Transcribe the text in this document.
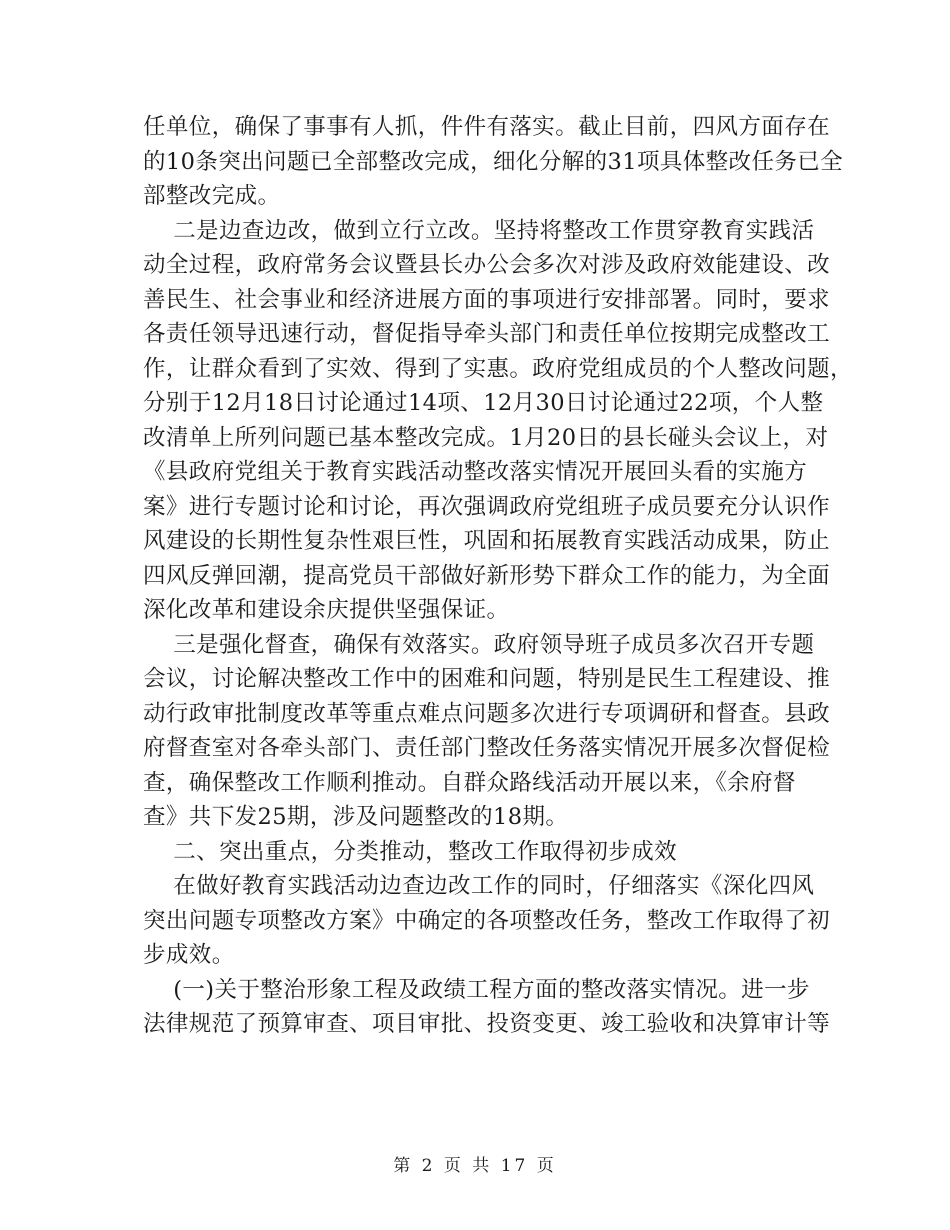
任单位，确保了事事有人抓，件件有落实。截止目前，四风方面存在
的10条突出问题已全部整改完成，细化分解的31项具体整改任务已全
部整改完成。
二是边查边改，做到立行立改。坚持将整改工作贯穿教育实践活
动全过程，政府常务会议暨县长办公会多次对涉及政府效能建设、改
善民生、社会事业和经济进展方面的事项进行安排部署。同时，要求
各责任领导迅速行动，督促指导牵头部门和责任单位按期完成整改工
作，让群众看到了实效、得到了实惠。政府党组成员的个人整改问题，
分别于12月18日讨论通过14项、12月30日讨论通过22项，个人整
改清单上所列问题已基本整改完成。1月20日的县长碰头会议上，对
《县政府党组关于教育实践活动整改落实情况开展回头看的实施方
案》进行专题讨论和讨论，再次强调政府党组班子成员要充分认识作
风建设的长期性复杂性艰巨性，巩固和拓展教育实践活动成果，防止
四风反弹回潮，提高党员干部做好新形势下群众工作的能力，为全面
深化改革和建设余庆提供坚强保证。
三是强化督查，确保有效落实。政府领导班子成员多次召开专题
会议，讨论解决整改工作中的困难和问题，特别是民生工程建设、推
动行政审批制度改革等重点难点问题多次进行专项调研和督查。县政
府督查室对各牵头部门、责任部门整改任务落实情况开展多次督促检
查，确保整改工作顺利推动。自群众路线活动开展以来，《余府督
查》共下发25期，涉及问题整改的18期。
二、突出重点，分类推动，整改工作取得初步成效
在做好教育实践活动边查边改工作的同时，仔细落实《深化四风
突出问题专项整改方案》中确定的各项整改任务，整改工作取得了初
步成效。
(一)关于整治形象工程及政绩工程方面的整改落实情况。进一步
法律规范了预算审查、项目审批、投资变更、竣工验收和决算审计等
第 2 页 共 17 页
